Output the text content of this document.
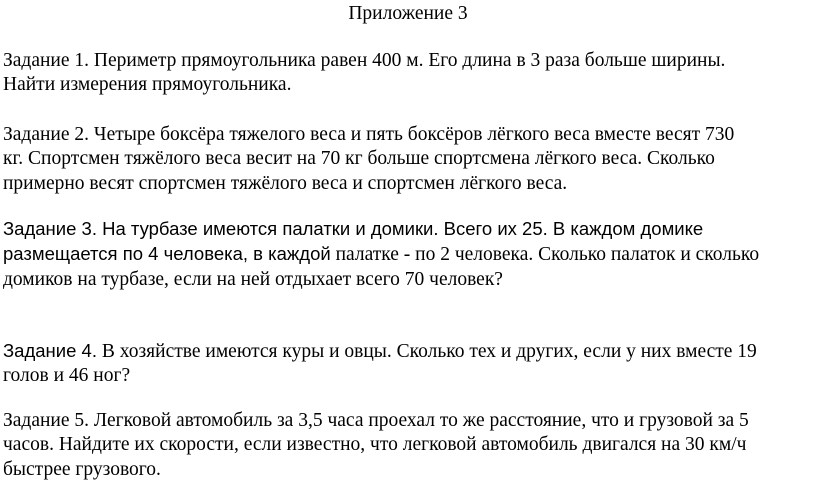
Приложение 3

Задание 1. Периметр прямоугольника равен 400 м. Его длина в 3 раза больше ширины.
Найти измерения прямоугольника.

Задание 2. Четыре боксёра тяжелого веса и пять боксёров лёгкого веса вместе весят 730
кг. Спортсмен тяжёлого веса весит на 70 кг больше спортсмена лёгкого веса. Сколько
примерно весят спортсмен тяжёлого веса и спортсмен лёгкого веса.

Задание 3. На турбазе имеются палатки и домики. Всего их 25. В каждом домике
размещается по 4 человека, в каждой палатке - по 2 человека. Сколько палаток и сколько
домиков на турбазе, если на ней отдыхает всего 70 человек?

Задание 4. В хозяйстве имеются куры и овцы. Сколько тех и других, если у них вместе 19
голов и 46 ног?

Задание 5. Легковой автомобиль за 3,5 часа проехал то же расстояние, что и грузовой за 5
часов. Найдите их скорости, если известно, что легковой автомобиль двигался на 30 км/ч
быстрее грузового.
